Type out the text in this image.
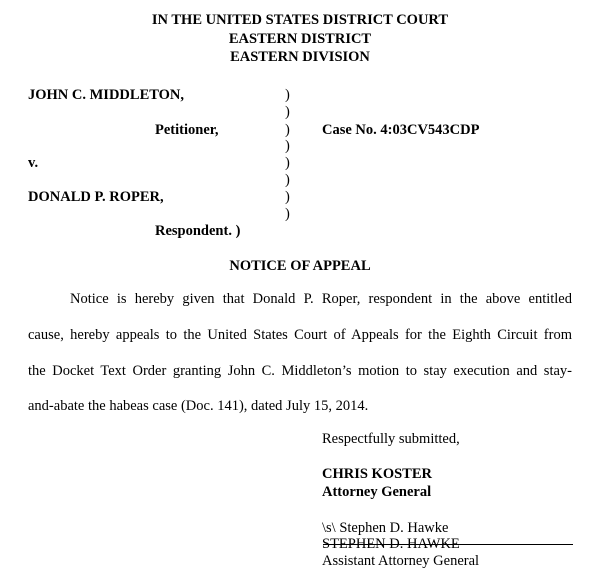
IN THE UNITED STATES DISTRICT COURT
EASTERN DISTRICT
EASTERN DIVISION
JOHN C. MIDDLETON,
Petitioner,
v.
DONALD P. ROPER,
Respondent. )
Case No. 4:03CV543CDP
)
)
)
)
)
)
)
)
NOTICE OF APPEAL
Notice is hereby given that Donald P. Roper, respondent in the above entitled
cause, hereby appeals to the United States Court of Appeals for the Eighth Circuit from
the Docket Text Order granting John C. Middleton’s motion to stay execution and stay-
and-abate the habeas case (Doc. 141), dated July 15, 2014.
Respectfully submitted,
CHRIS KOSTER
Attorney General
\s\ Stephen D. Hawke
STEPHEN D. HAWKE
Assistant Attorney General
